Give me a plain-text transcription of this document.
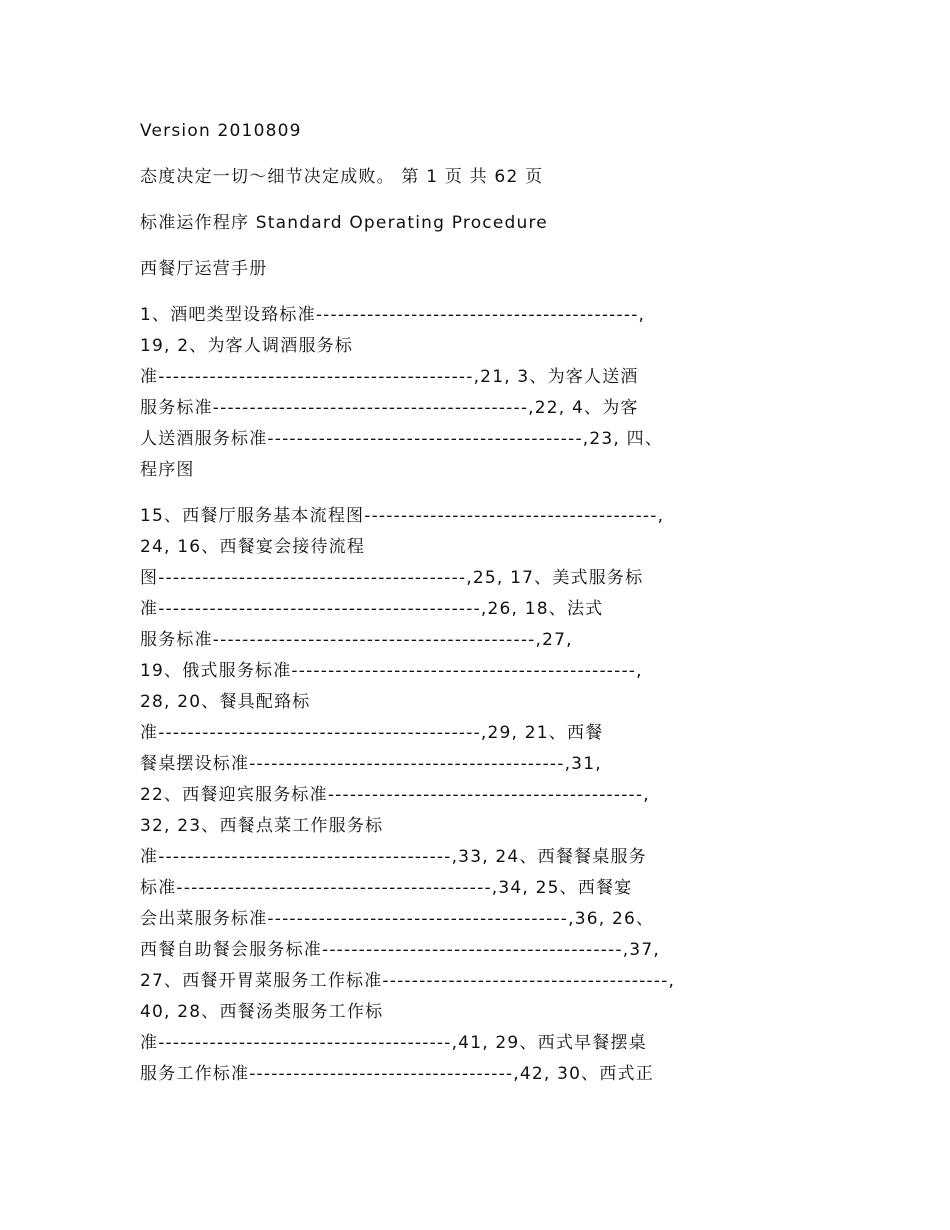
Version 2010809
态度决定一切～细节决定成败。 第 1 页 共 62 页
标准运作程序 Standard Operating Procedure
西餐厅运营手册
1、酒吧类型设臵标准--------------------------------------------,
19, 2、为客人调酒服务标
准-------------------------------------------,21, 3、为客人送酒
服务标准-------------------------------------------,22, 4、为客
人送酒服务标准-------------------------------------------,23, 四、
程序图
15、西餐厅服务基本流程图----------------------------------------,
24, 16、西餐宴会接待流程
图------------------------------------------,25, 17、美式服务标
准--------------------------------------------,26, 18、法式
服务标准--------------------------------------------,27,
19、俄式服务标准-----------------------------------------------,
28, 20、餐具配臵标
准--------------------------------------------,29, 21、西餐
餐桌摆设标准-------------------------------------------,31,
22、西餐迎宾服务标准-------------------------------------------,
32, 23、西餐点菜工作服务标
准----------------------------------------,33, 24、西餐餐桌服务
标准-------------------------------------------,34, 25、西餐宴
会出菜服务标准-----------------------------------------,36, 26、
西餐自助餐会服务标准-----------------------------------------,37,
27、西餐开胃菜服务工作标准---------------------------------------,
40, 28、西餐汤类服务工作标
准----------------------------------------,41, 29、西式早餐摆桌
服务工作标准------------------------------------,42, 30、西式正
